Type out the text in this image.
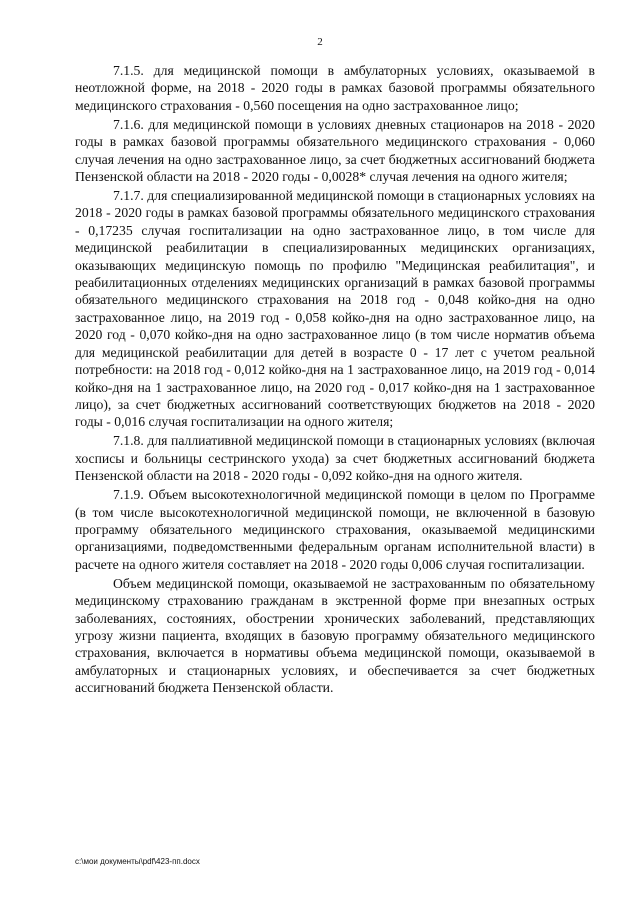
2

7.1.5. для медицинской помощи в амбулаторных условиях, оказываемой в неотложной форме, на 2018 - 2020 годы в рамках базовой программы обязательного медицинского страхования - 0,560 посещения на одно застрахованное лицо;

7.1.6. для медицинской помощи в условиях дневных стационаров на 2018 - 2020 годы в рамках базовой программы обязательного медицинского страхования - 0,060 случая лечения на одно застрахованное лицо, за счет бюджетных ассигнований бюджета Пензенской области на 2018 - 2020 годы - 0,0028* случая лечения на одного жителя;

7.1.7. для специализированной медицинской помощи в стационарных условиях на 2018 - 2020 годы в рамках базовой программы обязательного медицинского страхования - 0,17235 случая госпитализации на одно застрахованное лицо, в том числе для медицинской реабилитации в специализированных медицинских организациях, оказывающих медицинскую помощь по профилю "Медицинская реабилитация", и реабилитационных отделениях медицинских организаций в рамках базовой программы обязательного медицинского страхования на 2018 год - 0,048 койко-дня на одно застрахованное лицо, на 2019 год - 0,058 койко-дня на одно застрахованное лицо, на 2020 год - 0,070 койко-дня на одно застрахованное лицо (в том числе норматив объема для медицинской реабилитации для детей в возрасте 0 - 17 лет с учетом реальной потребности: на 2018 год - 0,012 койко-дня на 1 застрахованное лицо, на 2019 год - 0,014 койко-дня на 1 застрахованное лицо, на 2020 год - 0,017 койко-дня на 1 застрахованное лицо), за счет бюджетных ассигнований соответствующих бюджетов на 2018 - 2020 годы - 0,016 случая госпитализации на одного жителя;

7.1.8. для паллиативной медицинской помощи в стационарных условиях (включая хосписы и больницы сестринского ухода) за счет бюджетных ассигнований бюджета Пензенской области на 2018 - 2020 годы - 0,092 койко-дня на одного жителя.

7.1.9. Объем высокотехнологичной медицинской помощи в целом по Программе (в том числе высокотехнологичной медицинской помощи, не включенной в базовую программу обязательного медицинского страхования, оказываемой медицинскими организациями, подведомственными федеральным органам исполнительной власти) в расчете на одного жителя составляет на 2018 - 2020 годы 0,006 случая госпитализации.

Объем медицинской помощи, оказываемой не застрахованным по обязательному медицинскому страхованию гражданам в экстренной форме при внезапных острых заболеваниях, состояниях, обострении хронических заболеваний, представляющих угрозу жизни пациента, входящих в базовую программу обязательного медицинского страхования, включается в нормативы объема медицинской помощи, оказываемой в амбулаторных и стационарных условиях, и обеспечивается за счет бюджетных ассигнований бюджета Пензенской области.

c:\мои документы\pdf\423-пп.docx
